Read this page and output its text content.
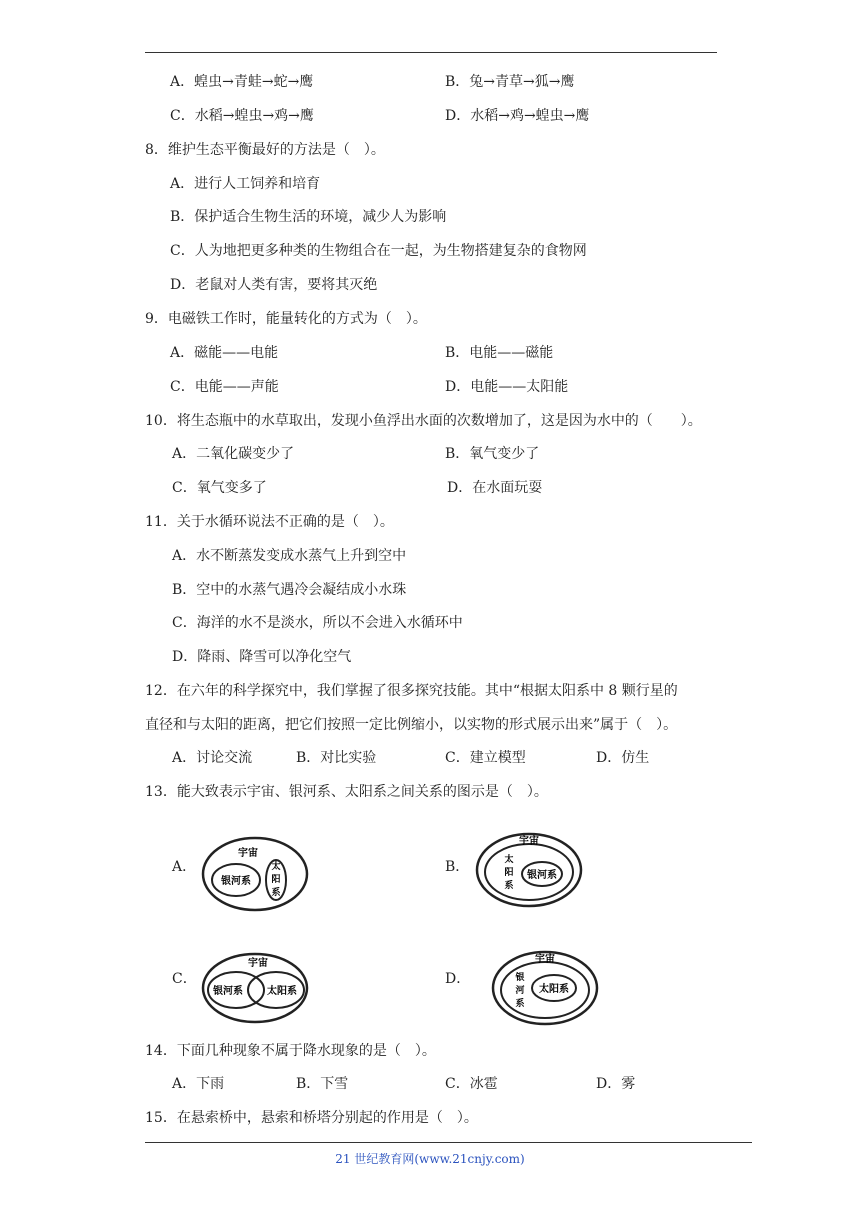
A．蝗虫→青蛙→蛇→鹰	B．兔→青草→狐→鹰
C．水稻→蝗虫→鸡→鹰	D．水稻→鸡→蝗虫→鹰
8．维护生态平衡最好的方法是（　）。
A．进行人工饲养和培育
B．保护适合生物生活的环境，减少人为影响
C．人为地把更多种类的生物组合在一起，为生物搭建复杂的食物网
D．老鼠对人类有害，要将其灭绝
9．电磁铁工作时，能量转化的方式为（　）。
A．磁能——电能	B．电能——磁能
C．电能——声能	D．电能——太阳能
10．将生态瓶中的水草取出，发现小鱼浮出水面的次数增加了，这是因为水中的（　　）。
A．二氧化碳变少了	B．氧气变少了
C．氧气变多了	D．在水面玩耍
11．关于水循环说法不正确的是（　）。
A．水不断蒸发变成水蒸气上升到空中
B．空中的水蒸气遇冷会凝结成小水珠
C．海洋的水不是淡水，所以不会进入水循环中
D．降雨、降雪可以净化空气
12．在六年的科学探究中，我们掌握了很多探究技能。其中“根据太阳系中 8 颗行星的
直径和与太阳的距离，把它们按照一定比例缩小，以实物的形式展示出来”属于（　）。
A．讨论交流	B．对比实验	C．建立模型	D．仿生
13．能大致表示宇宙、银河系、太阳系之间关系的图示是（　）。
A．
宇宙
银河系
太
阳
系
B．
宇宙
太
阳
系
银河系
C．
宇宙
银河系 太阳系
D．
宇宙
银
河
系
太阳系
14．下面几种现象不属于降水现象的是（　）。
A．下雨	B．下雪	C．冰雹	D．雾
15．在悬索桥中，悬索和桥塔分别起的作用是（　）。
21 世纪教育网(www.21cnjy.com)
